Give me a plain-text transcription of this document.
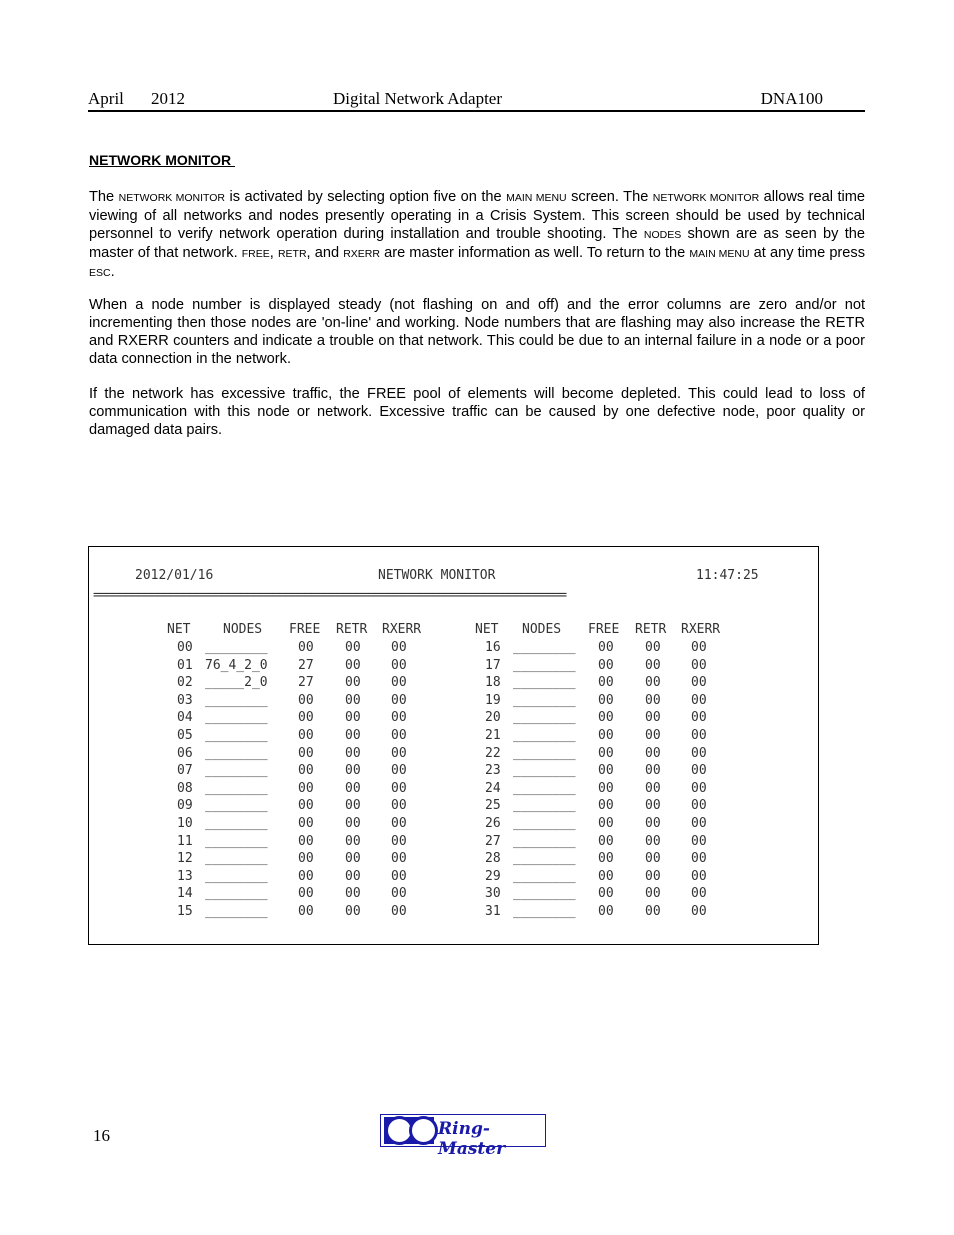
April 2012	Digital Network Adapter	DNA100
NETWORK MONITOR

The NETWORK MONITOR is activated by selecting option five on the MAIN MENU screen. The NETWORK MONITOR allows real time viewing of all networks and nodes presently operating in a Crisis System. This screen should be used by technical personnel to verify network operation during installation and trouble shooting. The NODES shown are as seen by the master of that network. FREE, RETR, and RXERR are master information as well. To return to the MAIN MENU at any time press ESC.

When a node number is displayed steady (not flashing on and off) and the error columns are zero and/or not incrementing then those nodes are 'on-line' and working. Node numbers that are flashing may also increase the RETR and RXERR counters and indicate a trouble on that network. This could be due to an internal failure in a node or a poor data connection in the network.

If the network has excessive traffic, the FREE pool of elements will become depleted. This could lead to loss of communication with this node or network. Excessive traffic can be caused by one defective node, poor quality or damaged data pairs.

2012/01/16	NETWORK MONITOR	11:47:25
==========================================================================
NET	NODES FREE RETR RXERR	NET NODES FREE RETR RXERR
00 ________ 00 00 00
01 76_4_2_0 27 00 00
02 _____2_0 27 00 00
03 ________ 00 00 00
04 ________ 00 00 00
05 ________ 00 00 00
06 ________ 00 00 00
07 ________ 00 00 00
08 ________ 00 00 00
09 ________ 00 00 00
10 ________ 00 00 00
11 ________ 00 00 00
12 ________ 00 00 00
13 ________ 00 00 00
14 ________ 00 00 00
15 ________ 00 00 00
16 ________ 00 00 00
17 ________ 00 00 00
18 ________ 00 00 00
19 ________ 00 00 00
20 ________ 00 00 00
21 ________ 00 00 00
22 ________ 00 00 00
23 ________ 00 00 00
24 ________ 00 00 00
25 ________ 00 00 00
26 ________ 00 00 00
27 ________ 00 00 00
28 ________ 00 00 00
29 ________ 00 00 00
30 ________ 00 00 00
31 ________ 00 00 00
16	Ring-Master
